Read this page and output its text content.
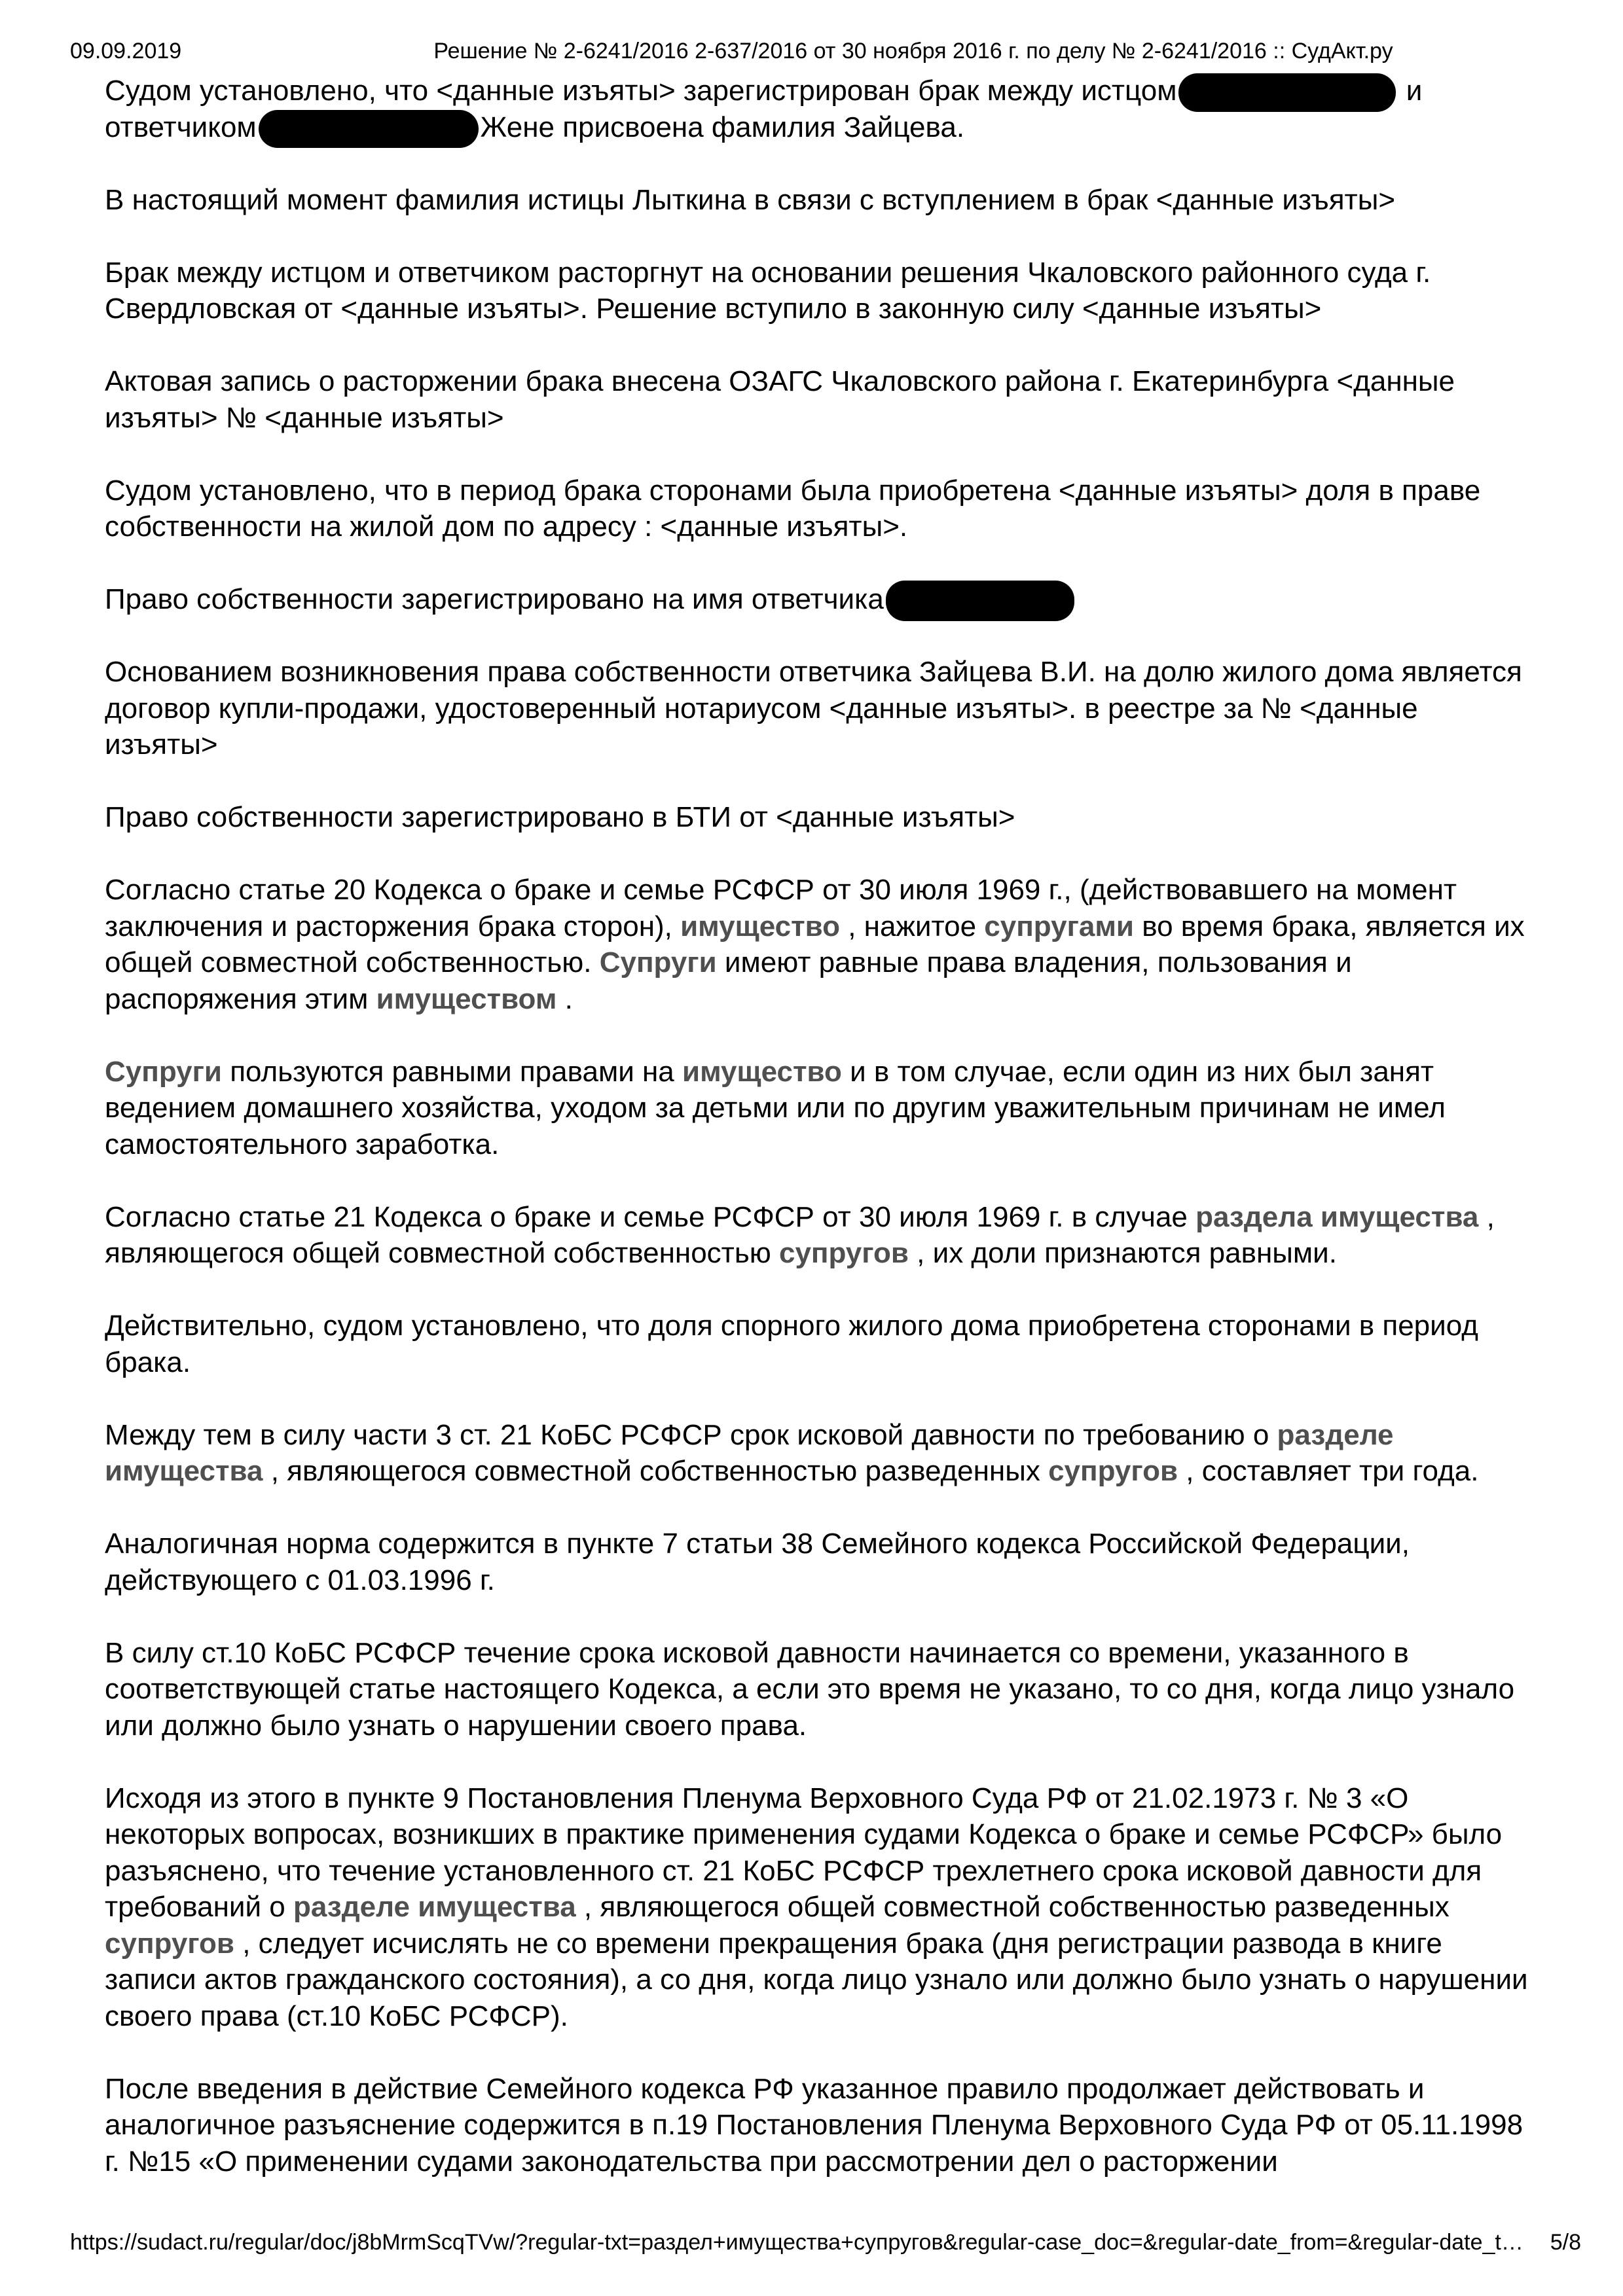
09.09.2019	Решение № 2-6241/2016 2-637/2016 от 30 ноября 2016 г. по делу № 2-6241/2016 :: СудАкт.ру

Судом установлено, что <данные изъяты> зарегистрирован брак между истцом	и ответчиком	Жене присвоена фамилия Зайцева.

В настоящий момент фамилия истицы Лыткина в связи с вступлением в брак <данные изъяты>

Брак между истцом и ответчиком расторгнут на основании решения Чкаловского районного суда г. Свердловская от <данные изъяты>. Решение вступило в законную силу <данные изъяты>

Актовая запись о расторжении брака внесена ОЗАГС Чкаловского района г. Екатеринбурга <данные изъяты> № <данные изъяты>

Судом установлено, что в период брака сторонами была приобретена <данные изъяты> доля в праве собственности на жилой дом по адресу : <данные изъяты>.

Право собственности зарегистрировано на имя ответчика

Основанием возникновения права собственности ответчика Зайцева В.И. на долю жилого дома является договор купли-продажи, удостоверенный нотариусом <данные изъяты>. в реестре за № <данные изъяты>

Право собственности зарегистрировано в БТИ от <данные изъяты>

Согласно статье 20 Кодекса о браке и семье РСФСР от 30 июля 1969 г., (действовавшего на момент заключения и расторжения брака сторон), имущество , нажитое супругами во время брака, является их общей совместной собственностью. Супруги имеют равные права владения, пользования и распоряжения этим имуществом .

Супруги пользуются равными правами на имущество и в том случае, если один из них был занят ведением домашнего хозяйства, уходом за детьми или по другим уважительным причинам не имел самостоятельного заработка.

Согласно статье 21 Кодекса о браке и семье РСФСР от 30 июля 1969 г. в случае раздела имущества , являющегося общей совместной собственностью супругов , их доли признаются равными.

Действительно, судом установлено, что доля спорного жилого дома приобретена сторонами в период брака.

Между тем в силу части 3 ст. 21 КоБС РСФСР срок исковой давности по требованию о разделе имущества , являющегося совместной собственностью разведенных супругов , составляет три года.

Аналогичная норма содержится в пункте 7 статьи 38 Семейного кодекса Российской Федерации, действующего с 01.03.1996 г.

В силу ст.10 КоБС РСФСР течение срока исковой давности начинается со времени, указанного в соответствующей статье настоящего Кодекса, а если это время не указано, то со дня, когда лицо узнало или должно было узнать о нарушении своего права.

Исходя из этого в пункте 9 Постановления Пленума Верховного Суда РФ от 21.02.1973 г. № 3 «О некоторых вопросах, возникших в практике применения судами Кодекса о браке и семье РСФСР» было разъяснено, что течение установленного ст. 21 КоБС РСФСР трехлетнего срока исковой давности для требований о разделе имущества , являющегося общей совместной собственностью разведенных супругов , следует исчислять не со времени прекращения брака (дня регистрации развода в книге записи актов гражданского состояния), а со дня, когда лицо узнало или должно было узнать о нарушении своего права (ст.10 КоБС РСФСР).

После введения в действие Семейного кодекса РФ указанное правило продолжает действовать и аналогичное разъяснение содержится в п.19 Постановления Пленума Верховного Суда РФ от 05.11.1998 г. №15 «О применении судами законодательства при рассмотрении дел о расторжении

https://sudact.ru/regular/doc/j8bMrmScqTVw/?regular-txt=раздел+имущества+супругов&regular-case_doc=&regular-date_from=&regular-date_t… 5/8
